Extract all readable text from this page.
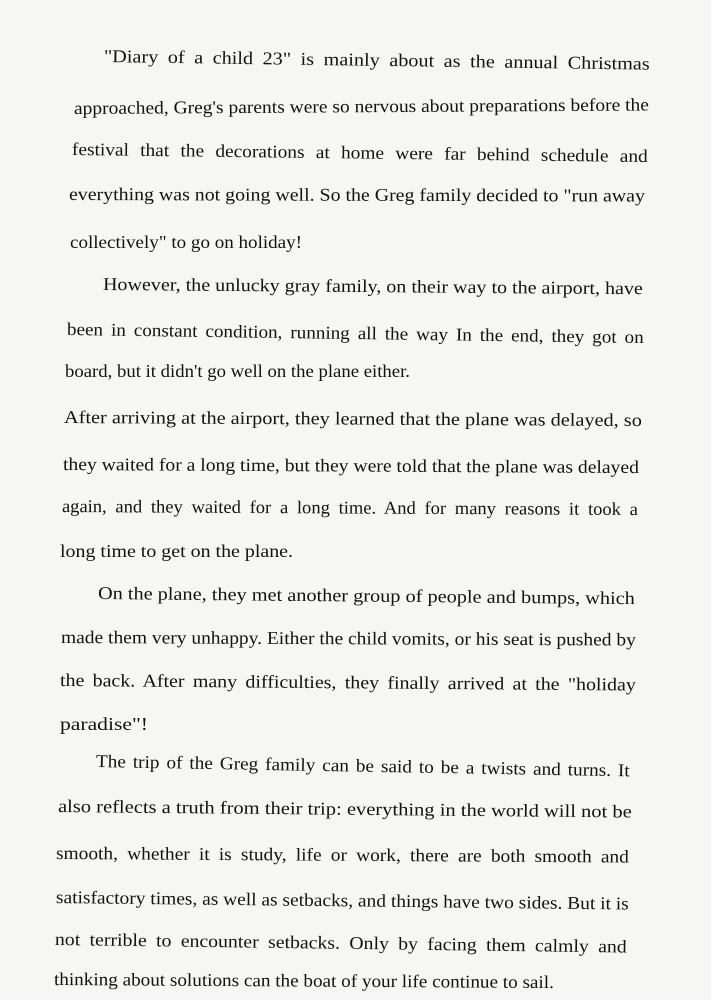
"Diary of a child 23" is mainly about as the annual Christmas
approached, Greg's parents were so nervous about preparations before the
festival that the decorations at home were far behind schedule and
everything was not going well. So the Greg family decided to "run away
collectively" to go on holiday!
However, the unlucky gray family, on their way to the airport, have
been in constant condition, running all the way In the end, they got on
board, but it didn't go well on the plane either.
After arriving at the airport, they learned that the plane was delayed, so
they waited for a long time, but they were told that the plane was delayed
again, and they waited for a long time. And for many reasons it took a
long time to get on the plane.
On the plane, they met another group of people and bumps, which
made them very unhappy. Either the child vomits, or his seat is pushed by
the back. After many difficulties, they finally arrived at the "holiday
paradise"!
The trip of the Greg family can be said to be a twists and turns. It
also reflects a truth from their trip: everything in the world will not be
smooth, whether it is study, life or work, there are both smooth and
satisfactory times, as well as setbacks, and things have two sides. But it is
not terrible to encounter setbacks. Only by facing them calmly and
thinking about solutions can the boat of your life continue to sail.
